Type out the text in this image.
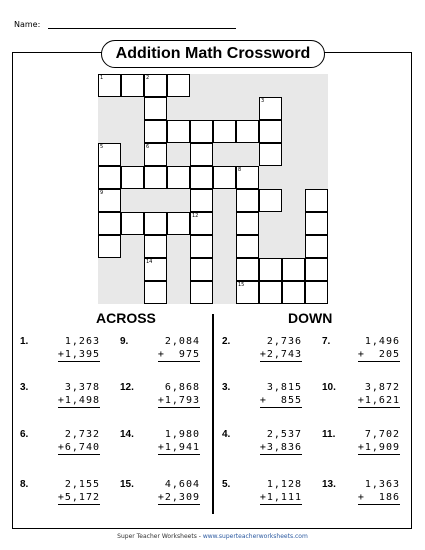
Name:
Addition Math Crossword
1	2
3
5	6
8
9
12
14
15
ACROSS	DOWN
1.	1,263
+1,395
9.	2,084
+  975
3.	3,378
+1,498
12.	6,868
+1,793
6.	2,732
+6,740
14.	1,980
+1,941
8.	2,155
+5,172
15.	4,604
+2,309
2.	2,736
+2,743
7.	1,496
+  205
3.	3,815
+  855
10.	3,872
+1,621
4.	2,537
+3,836
11.	7,702
+1,909
5.	1,128
+1,111
13.	1,363
+  186
Super Teacher Worksheets - www.superteacherworksheets.com
